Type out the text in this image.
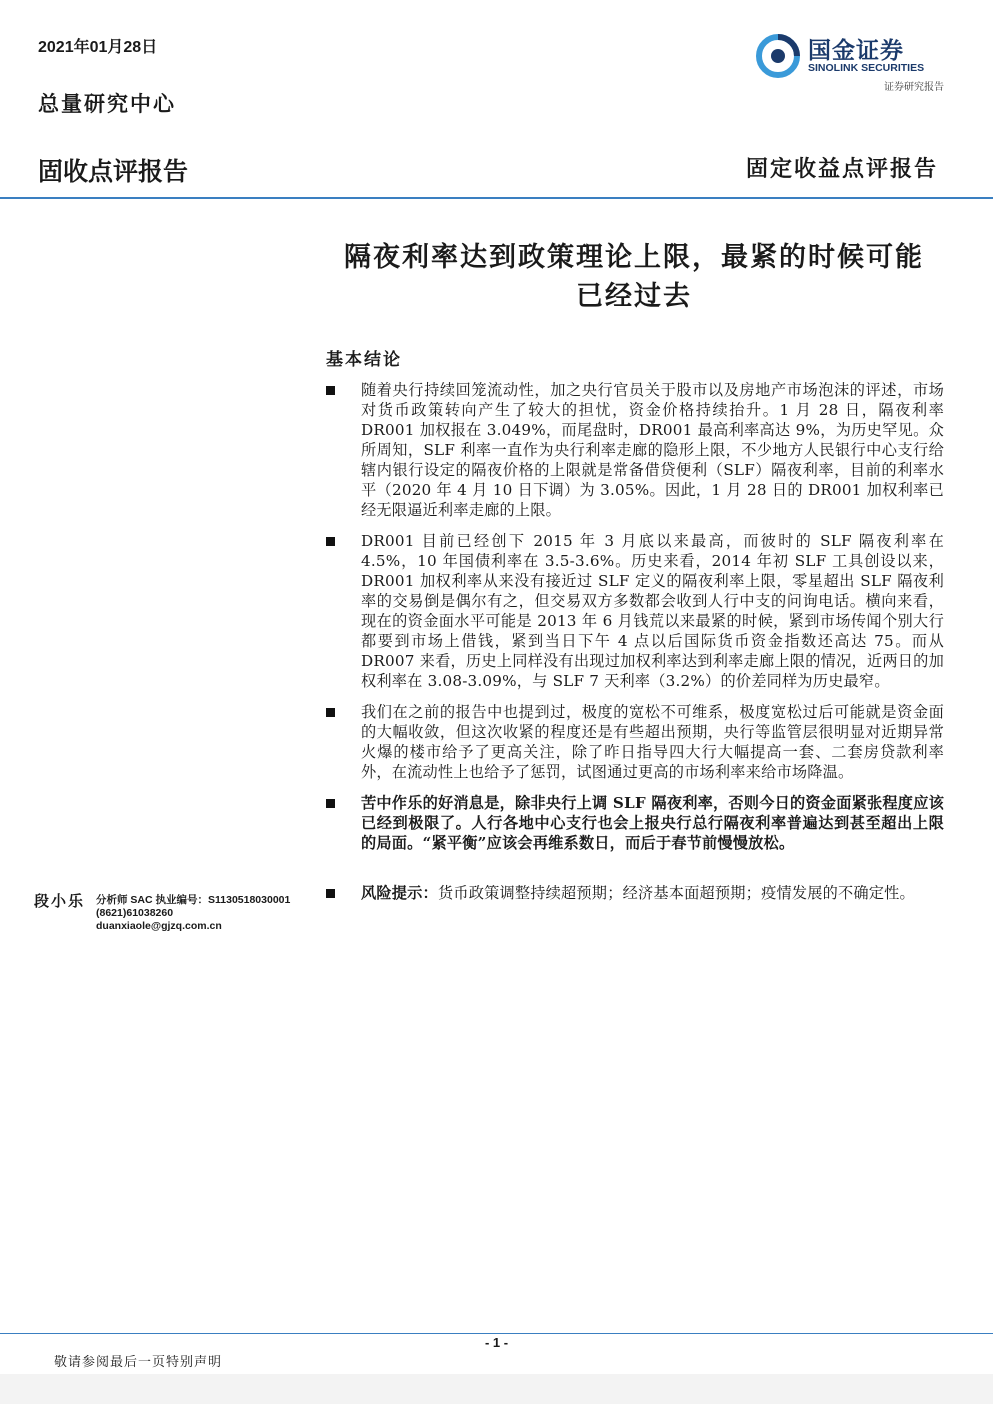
2021年01月28日
总量研究中心
国金证券
SINOLINK SECURITIES
证券研究报告
固收点评报告	固定收益点评报告
隔夜利率达到政策理论上限，最紧的时候可能
已经过去
基本结论
随着央行持续回笼流动性，加之央行官员关于股市以及房地产市场泡沫的评述，市场对货币政策转向产生了较大的担忧，资金价格持续抬升。1 月 28 日，隔夜利率 DR001 加权报在 3.049%，而尾盘时，DR001 最高利率高达 9%，为历史罕见。众所周知，SLF 利率一直作为央行利率走廊的隐形上限，不少地方人民银行中心支行给辖内银行设定的隔夜价格的上限就是常备借贷便利（SLF）隔夜利率，目前的利率水平（2020 年 4 月 10 日下调）为 3.05%。因此，1 月 28 日的 DR001 加权利率已经无限逼近利率走廊的上限。
DR001 目前已经创下 2015 年 3 月底以来最高，而彼时的 SLF 隔夜利率在 4.5%，10 年国债利率在 3.5-3.6%。历史来看，2014 年初 SLF 工具创设以来，DR001 加权利率从来没有接近过 SLF 定义的隔夜利率上限，零星超出 SLF 隔夜利率的交易倒是偶尔有之，但交易双方多数都会收到人行中支的问询电话。横向来看，现在的资金面水平可能是 2013 年 6 月钱荒以来最紧的时候，紧到市场传闻个别大行都要到市场上借钱，紧到当日下午 4 点以后国际货币资金指数还高达 75。而从 DR007 来看，历史上同样没有出现过加权利率达到利率走廊上限的情况，近两日的加权利率在 3.08-3.09%，与 SLF 7 天利率（3.2%）的价差同样为历史最窄。
我们在之前的报告中也提到过，极度的宽松不可维系，极度宽松过后可能就是资金面的大幅收敛，但这次收紧的程度还是有些超出预期，央行等监管层很明显对近期异常火爆的楼市给予了更高关注，除了昨日指导四大行大幅提高一套、二套房贷款利率外，在流动性上也给予了惩罚，试图通过更高的市场利率来给市场降温。
苦中作乐的好消息是，除非央行上调 SLF 隔夜利率，否则今日的资金面紧张程度应该已经到极限了。人行各地中心支行也会上报央行总行隔夜利率普遍达到甚至超出上限的局面。“紧平衡”应该会再维系数日，而后于春节前慢慢放松。
风险提示：货币政策调整持续超预期；经济基本面超预期；疫情发展的不确定性。
段小乐 分析师 SAC 执业编号：S1130518030001
(8621)61038260
duanxiaole@gjzq.com.cn
- 1 -
敬请参阅最后一页特别声明
